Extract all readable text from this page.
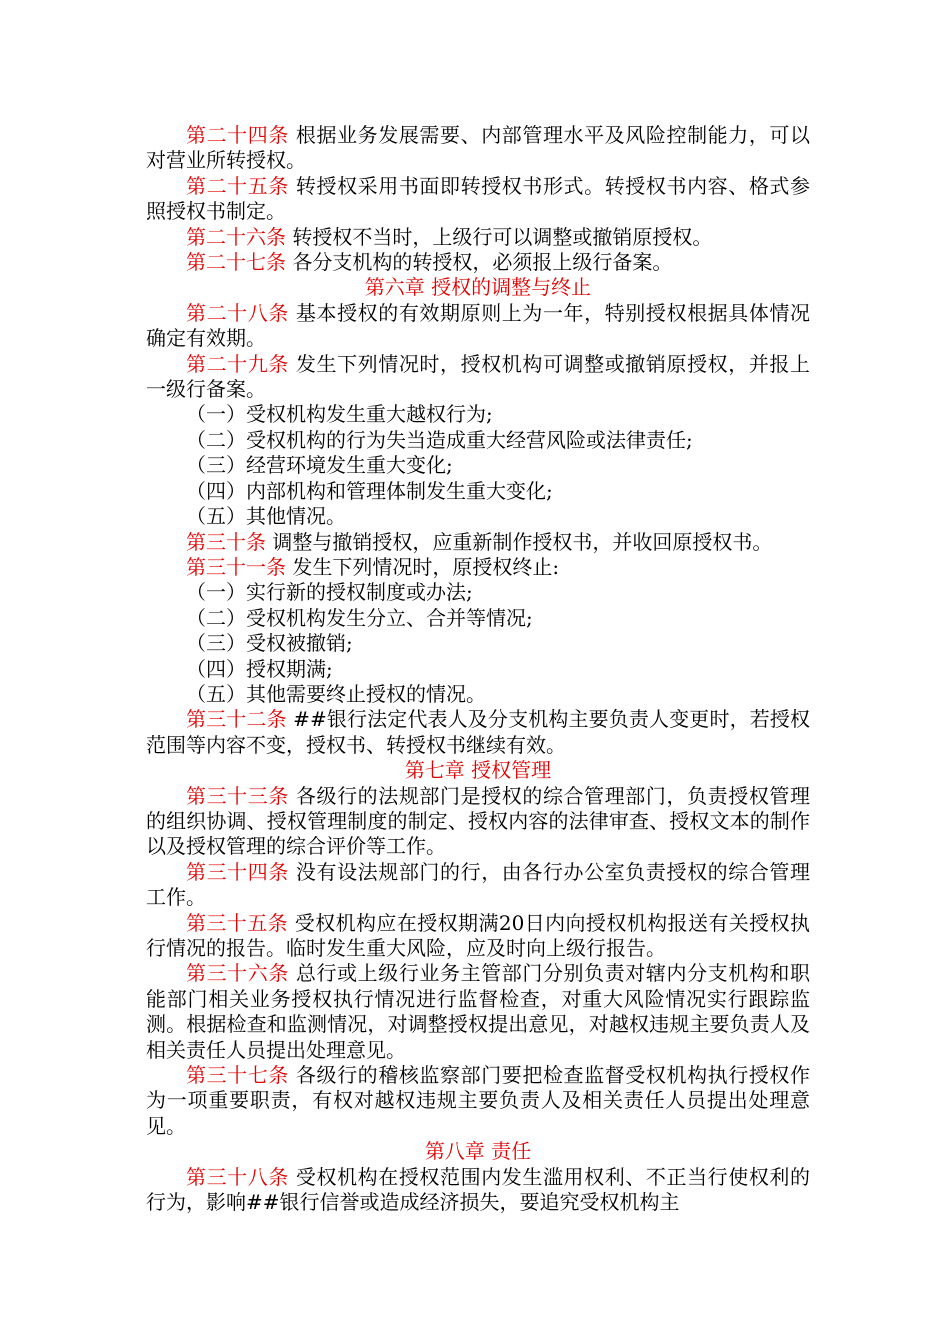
第二十四条 根据业务发展需要、内部管理水平及风险控制能力，可以对营业所转授权。

第二十五条 转授权采用书面即转授权书形式。转授权书内容、格式参照授权书制定。

第二十六条 转授权不当时，上级行可以调整或撤销原授权。

第二十七条 各分支机构的转授权，必须报上级行备案。

第六章 授权的调整与终止

第二十八条 基本授权的有效期原则上为一年，特别授权根据具体情况确定有效期。

第二十九条 发生下列情况时，授权机构可调整或撤销原授权，并报上一级行备案。

（一）受权机构发生重大越权行为;

（二）受权机构的行为失当造成重大经营风险或法律责任;

（三）经营环境发生重大变化;

（四）内部机构和管理体制发生重大变化;

（五）其他情况。

第三十条 调整与撤销授权，应重新制作授权书，并收回原授权书。

第三十一条 发生下列情况时，原授权终止:

（一）实行新的授权制度或办法;

（二）受权机构发生分立、合并等情况;

（三）受权被撤销;

（四）授权期满;

（五）其他需要终止授权的情况。

第三十二条 ##银行法定代表人及分支机构主要负责人变更时，若授权范围等内容不变，授权书、转授权书继续有效。

第七章 授权管理

第三十三条 各级行的法规部门是授权的综合管理部门，负责授权管理的组织协调、授权管理制度的制定、授权内容的法律审查、授权文本的制作以及授权管理的综合评价等工作。

第三十四条 没有设法规部门的行，由各行办公室负责授权的综合管理工作。

第三十五条 受权机构应在授权期满20日内向授权机构报送有关授权执行情况的报告。临时发生重大风险，应及时向上级行报告。

第三十六条 总行或上级行业务主管部门分别负责对辖内分支机构和职能部门相关业务授权执行情况进行监督检查，对重大风险情况实行跟踪监测。根据检查和监测情况，对调整授权提出意见，对越权违规主要负责人及相关责任人员提出处理意见。

第三十七条 各级行的稽核监察部门要把检查监督受权机构执行授权作为一项重要职责，有权对越权违规主要负责人及相关责任人员提出处理意见。

第八章 责任

第三十八条 受权机构在授权范围内发生滥用权利、不正当行使权利的行为，影响##银行信誉或造成经济损失，要追究受权机构主
